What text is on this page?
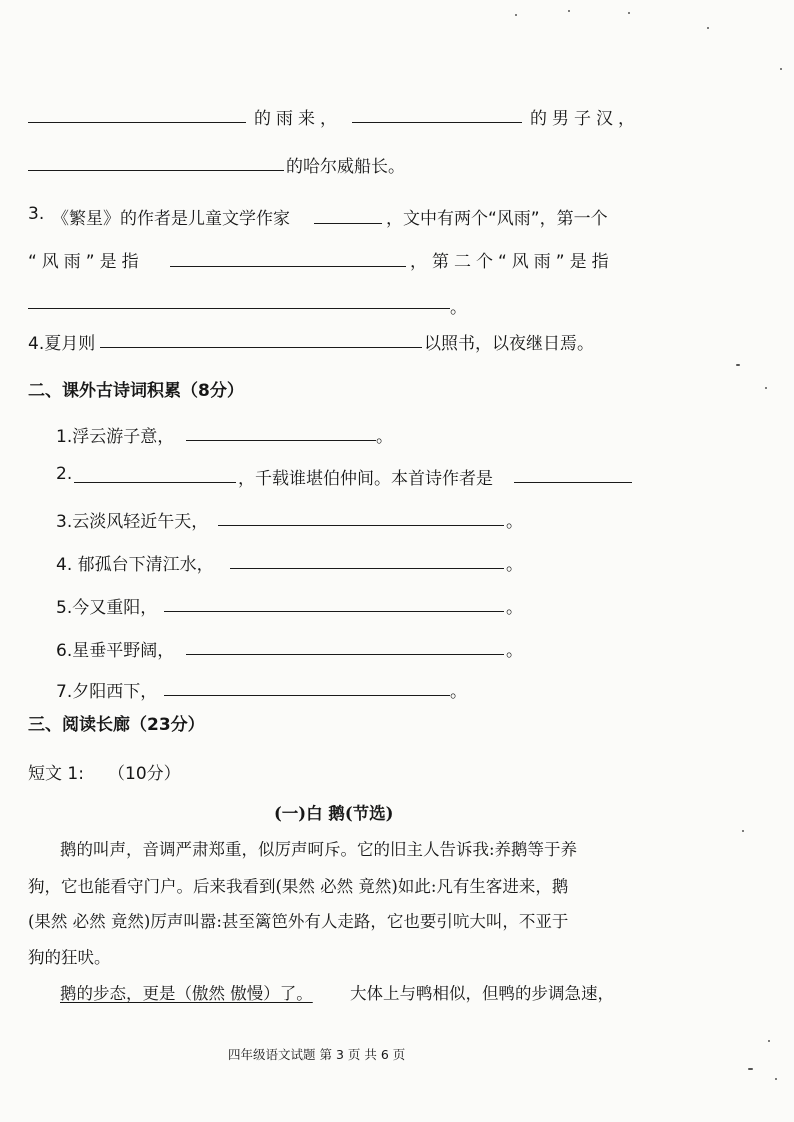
的雨来，	的男子汉，
的哈尔威船长。
3. 《繁星》的作者是儿童文学作家	，文中有两个“风雨”，第一个
“风雨”是指	，第二个“风雨”是指
。
4.夏月则	以照书，以夜继日焉。
二、课外古诗词积累（8分）
1.浮云游子意，	。
2.	，千载谁堪伯仲间。本首诗作者是
3.云淡风轻近午天，	。
4. 郁孤台下清江水，	。
5.今又重阳，	。
6.星垂平野阔，	。
7.夕阳西下，	。
三、阅读长廊（23分）
短文 1: （10分）
(一)白 鹅(节选)
鹅的叫声，音调严肃郑重，似厉声呵斥。它的旧主人告诉我:养鹅等于养
狗，它也能看守门户。后来我看到(果然 必然 竟然)如此:凡有生客进来，鹅
(果然 必然 竟然)厉声叫嚣:甚至篱笆外有人走路，它也要引吭大叫，不亚于
狗的狂吠。
鹅的步态，更是（傲然 傲慢）了。 大体上与鸭相似，但鸭的步调急速，
四年级语文试题 第 3 页 共 6 页
